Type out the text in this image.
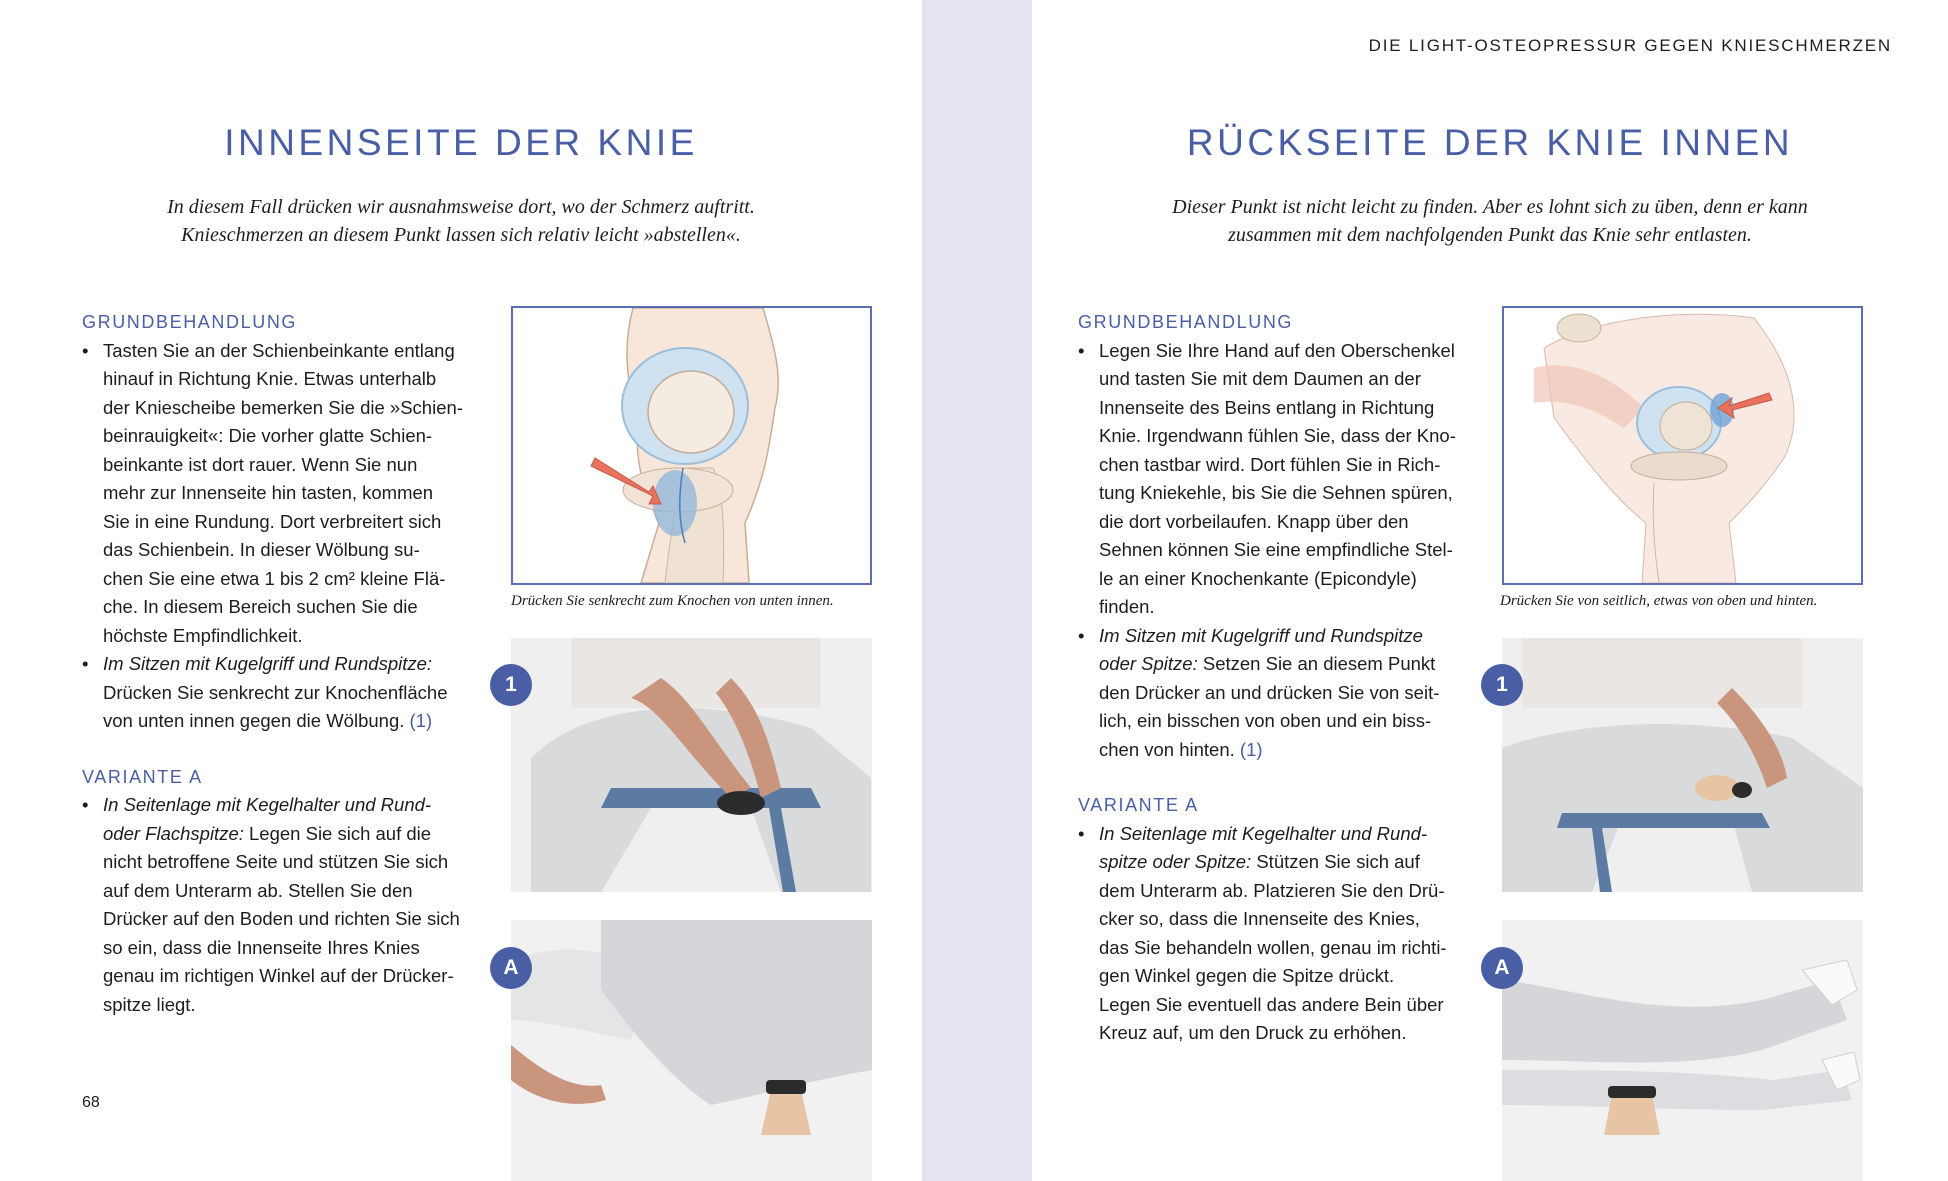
INNENSEITE DER KNIE

In diesem Fall drücken wir ausnahmsweise dort, wo der Schmerz auftritt.
Knieschmerzen an diesem Punkt lassen sich relativ leicht »abstellen«.

GRUNDBEHANDLUNG
• Tasten Sie an der Schienbeinkante entlang
hinauf in Richtung Knie. Etwas unterhalb
der Kniescheibe bemerken Sie die »Schien-
beinrauigkeit«: Die vorher glatte Schien-
beinkante ist dort rauer. Wenn Sie nun
mehr zur Innenseite hin tasten, kommen
Sie in eine Rundung. Dort verbreitert sich
das Schienbein. In dieser Wölbung su-
chen Sie eine etwa 1 bis 2 cm² kleine Flä-
che. In diesem Bereich suchen Sie die
höchste Empfindlichkeit.
• Im Sitzen mit Kugelgriff und Rundspitze:
Drücken Sie senkrecht zur Knochenfläche
von unten innen gegen die Wölbung. (1)
VARIANTE A
• In Seitenlage mit Kegelhalter und Rund-
oder Flachspitze: Legen Sie sich auf die
nicht betroffene Seite und stützen Sie sich
auf dem Unterarm ab. Stellen Sie den
Drücker auf den Boden und richten Sie sich
so ein, dass die Innenseite Ihres Knies
genau im richtigen Winkel auf der Drücker-
spitze liegt.
Drücken Sie senkrecht zum Knochen von unten innen.
1
A
68
DIE LIGHT-OSTEOPRESSUR GEGEN KNIESCHMERZEN
RÜCKSEITE DER KNIE INNEN

Dieser Punkt ist nicht leicht zu finden. Aber es lohnt sich zu üben, denn er kann
zusammen mit dem nachfolgenden Punkt das Knie sehr entlasten.

GRUNDBEHANDLUNG
• Legen Sie Ihre Hand auf den Oberschenkel
und tasten Sie mit dem Daumen an der
Innenseite des Beins entlang in Richtung
Knie. Irgendwann fühlen Sie, dass der Kno-
chen tastbar wird. Dort fühlen Sie in Rich-
tung Kniekehle, bis Sie die Sehnen spüren,
die dort vorbeilaufen. Knapp über den
Sehnen können Sie eine empfindliche Stel-
le an einer Knochenkante (Epicondyle)
finden.
• Im Sitzen mit Kugelgriff und Rundspitze
oder Spitze: Setzen Sie an diesem Punkt
den Drücker an und drücken Sie von seit-
lich, ein bisschen von oben und ein biss-
chen von hinten. (1)
VARIANTE A
• In Seitenlage mit Kegelhalter und Rund-
spitze oder Spitze: Stützen Sie sich auf
dem Unterarm ab. Platzieren Sie den Drü-
cker so, dass die Innenseite des Knies,
das Sie behandeln wollen, genau im richti-
gen Winkel gegen die Spitze drückt.
Legen Sie eventuell das andere Bein über
Kreuz auf, um den Druck zu erhöhen.
Drücken Sie von seitlich, etwas von oben und hinten.
1
A
